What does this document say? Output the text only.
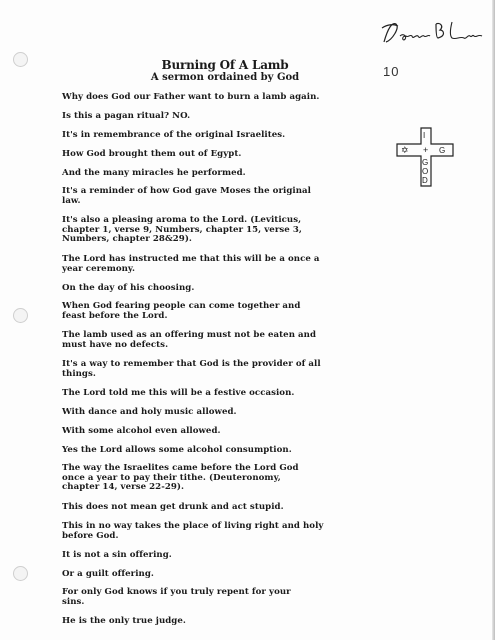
Devon B Lewis
10
Burning Of A Lamb
A sermon ordained by God

Why does God our Father want to burn a lamb again.

Is this a pagan ritual? NO.

It's in remembrance of the original Israelites.

How God brought them out of Egypt.

And the many miracles he performed.

It's a reminder of how God gave Moses the original
law.

It's also a pleasing aroma to the Lord. (Leviticus,
chapter 1, verse 9, Numbers, chapter 15, verse 3,
Numbers, chapter 28&29).

The Lord has instructed me that this will be a once a
year ceremony.

On the day of his choosing.

When God fearing people can come together and
feast before the Lord.

The lamb used as an offering must not be eaten and
must have no defects.

It's a way to remember that God is the provider of all
things.

The Lord told me this will be a festive occasion.

With dance and holy music allowed.

With some alcohol even allowed.

Yes the Lord allows some alcohol consumption.

The way the Israelites came before the Lord God
once a year to pay their tithe. (Deuteronomy,
chapter 14, verse 22-29).

This does not mean get drunk and act stupid.

This in no way takes the place of living right and holy
before God.

It is not a sin offering.

Or a guilt offering.

For only God knows if you truly repent for your
sins.

He is the only true judge.

I
+
G
O
D
✡	G
